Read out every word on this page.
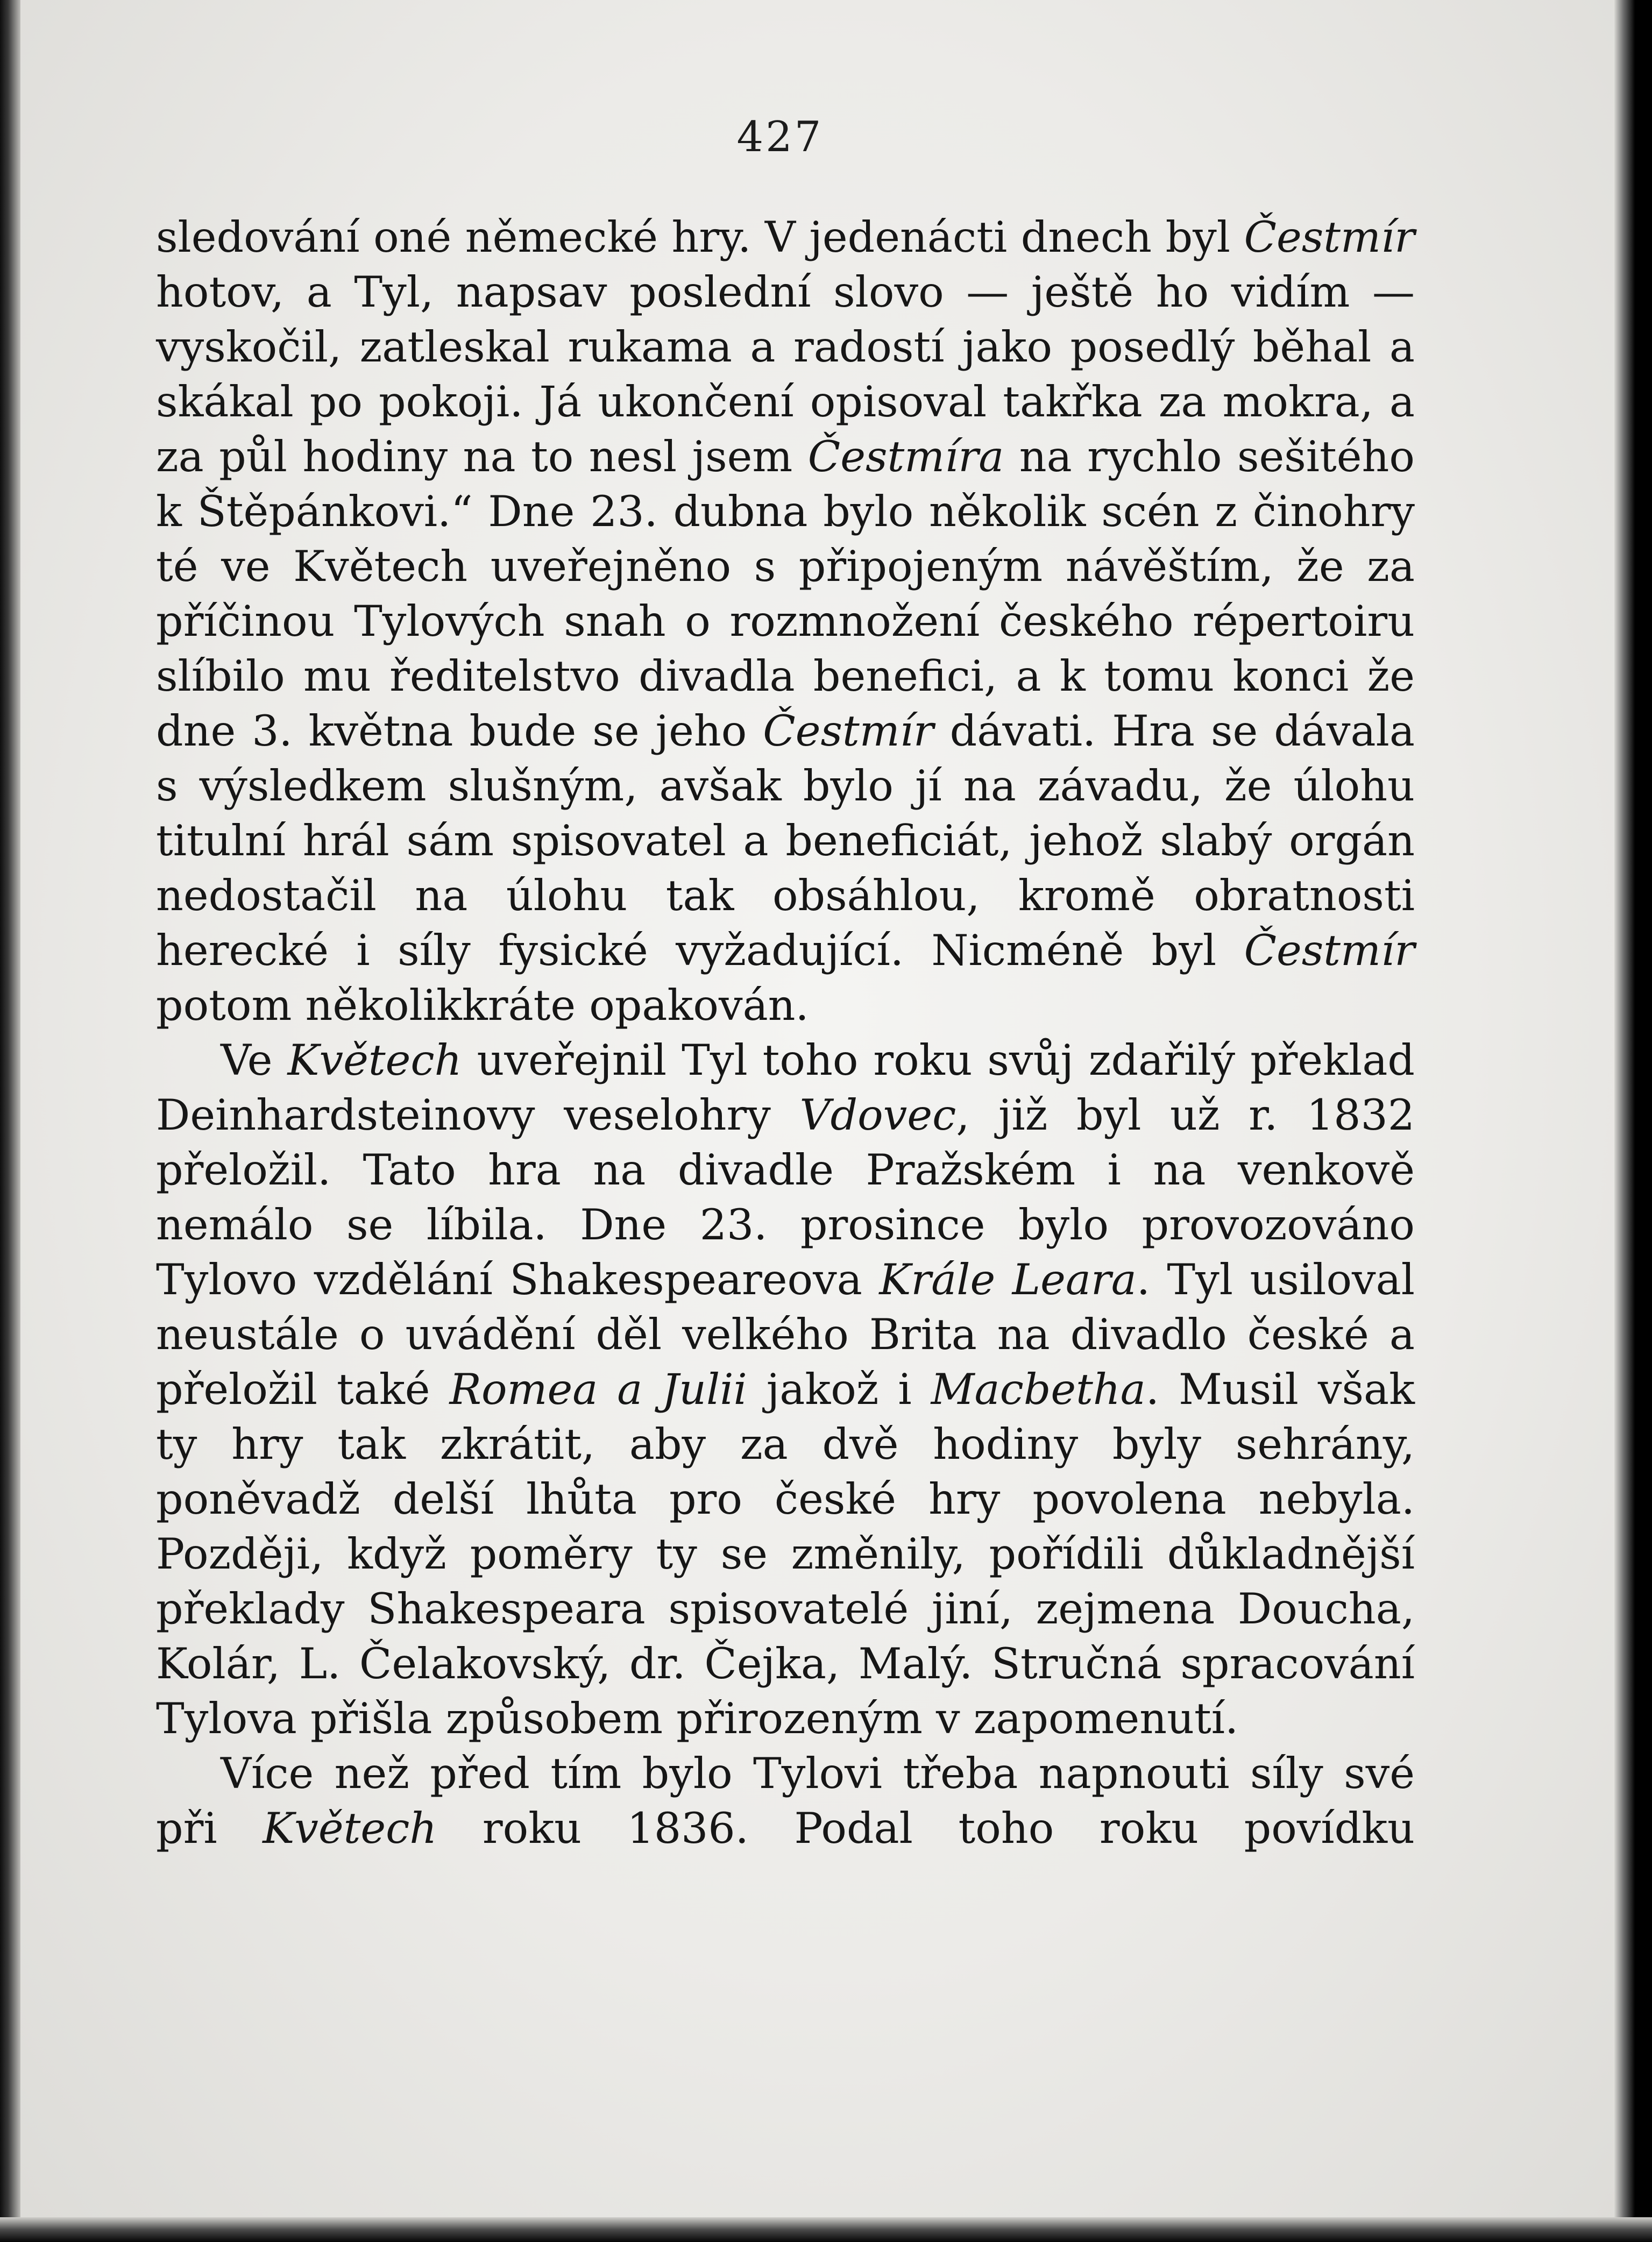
427

sledování oné německé hry. V jedenácti dnech byl Čestmír hotov, a Tyl, napsav poslední slovo — ještě ho vidím — vyskočil, zatleskal rukama a radostí jako posedlý běhal a skákal po pokoji. Já ukončení opisoval takřka za mokra, a za půl hodiny na to nesl jsem Čestmíra na rychlo sešitého k Štěpánkovi.“ Dne 23. dubna bylo několik scén z činohry té ve Květech uveřejněno s připojeným návěštím, že za příčinou Tylových snah o rozmnožení českého répertoiru slíbilo mu ředitelstvo divadla benefici, a k tomu konci že dne 3. května bude se jeho Čestmír dávati. Hra se dávala s výsledkem slušným, avšak bylo jí na závadu, že úlohu titulní hrál sám spisovatel a beneficiát, jehož slabý orgán nedostačil na úlohu tak obsáhlou, kromě obratnosti herecké i síly fysické vyžadující. Nicméně byl Čestmír potom několikkráte opakován.

Ve Květech uveřejnil Tyl toho roku svůj zdařilý překlad Deinhardsteinovy veselohry Vdovec, již byl už r. 1832 přeložil. Tato hra na divadle Pražském i na venkově nemálo se líbila. Dne 23. prosince bylo provozováno Tylovo vzdělání Shakespeareova Krále Leara. Tyl usiloval neustále o uvádění děl velkého Brita na divadlo české a přeložil také Romea a Julii jakož i Macbetha. Musil však ty hry tak zkrátit, aby za dvě hodiny byly sehrány, poněvadž delší lhůta pro české hry povolena nebyla. Později, když poměry ty se změnily, pořídili důkladnější překlady Shakespeara spisovatelé jiní, zejmena Doucha, Kolár, L. Čelakovský, dr. Čejka, Malý. Stručná spracování Tylova přišla způsobem přirozeným v zapomenutí.

Více než před tím bylo Tylovi třeba napnouti síly své při Květech roku 1836. Podal toho roku povídku
